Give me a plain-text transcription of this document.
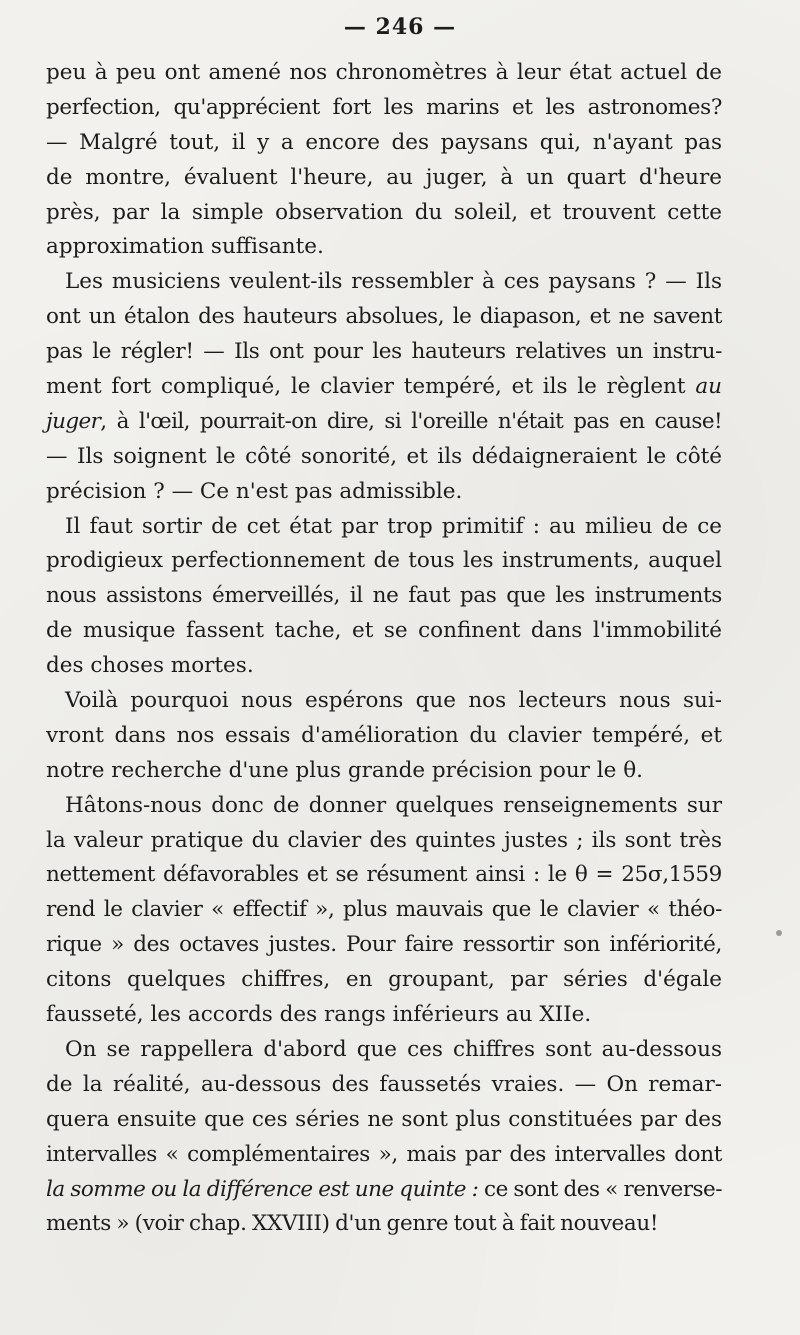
— 246 —
peu à peu ont amené nos chronomètres à leur état actuel de
perfection, qu'apprécient fort les marins et les astronomes?
— Malgré tout, il y a encore des paysans qui, n'ayant pas
de montre, évaluent l'heure, au juger, à un quart d'heure
près, par la simple observation du soleil, et trouvent cette
approximation suffisante.
Les musiciens veulent-ils ressembler à ces paysans ? — Ils
ont un étalon des hauteurs absolues, le diapason, et ne savent
pas le régler! — Ils ont pour les hauteurs relatives un instru-
ment fort compliqué, le clavier tempéré, et ils le règlent au
juger, à l'œil, pourrait-on dire, si l'oreille n'était pas en cause!
— Ils soignent le côté sonorité, et ils dédaigneraient le côté
précision ? — Ce n'est pas admissible.
Il faut sortir de cet état par trop primitif : au milieu de ce
prodigieux perfectionnement de tous les instruments, auquel
nous assistons émerveillés, il ne faut pas que les instruments
de musique fassent tache, et se confinent dans l'immobilité
des choses mortes.
Voilà pourquoi nous espérons que nos lecteurs nous sui-
vront dans nos essais d'amélioration du clavier tempéré, et
notre recherche d'une plus grande précision pour le θ.
Hâtons-nous donc de donner quelques renseignements sur
la valeur pratique du clavier des quintes justes ; ils sont très
nettement défavorables et se résument ainsi : le θ = 25σ,1559
rend le clavier « effectif », plus mauvais que le clavier « théo-
rique » des octaves justes. Pour faire ressortir son infériorité,
citons quelques chiffres, en groupant, par séries d'égale
fausseté, les accords des rangs inférieurs au XIIe.
On se rappellera d'abord que ces chiffres sont au-dessous
de la réalité, au-dessous des faussetés vraies. — On remar-
quera ensuite que ces séries ne sont plus constituées par des
intervalles « complémentaires », mais par des intervalles dont
la somme ou la différence est une quinte : ce sont des « renverse-
ments » (voir chap. XXVIII) d'un genre tout à fait nouveau!
